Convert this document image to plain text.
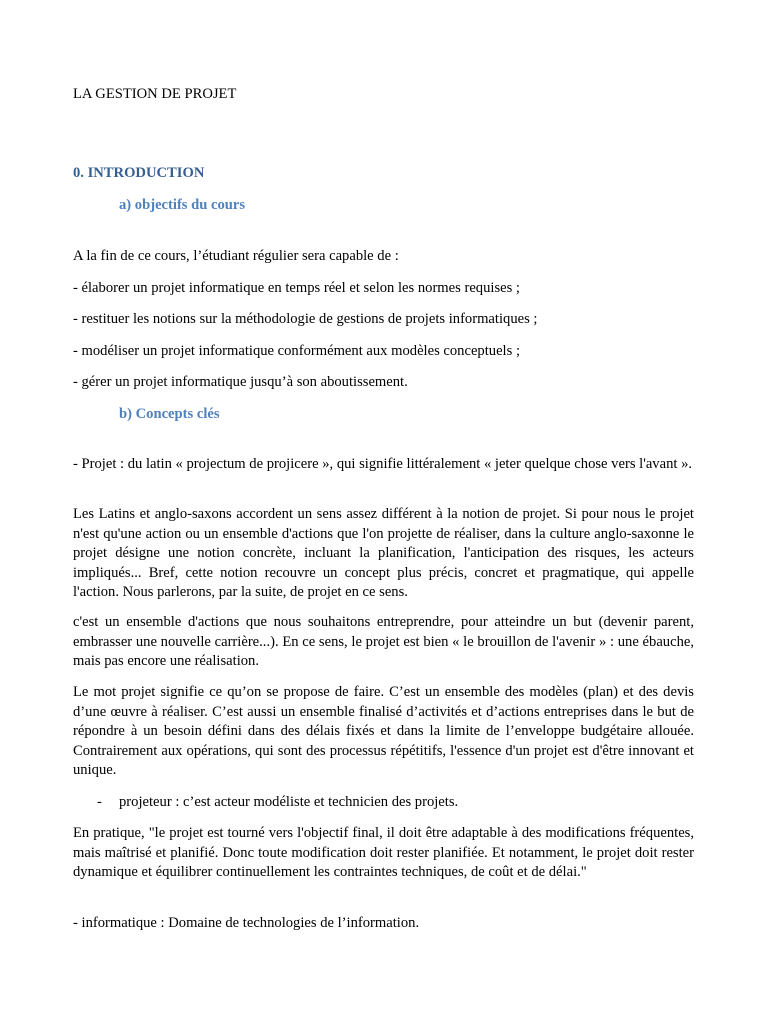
LA GESTION DE PROJET
0. INTRODUCTION
a) objectifs du cours
A la fin de ce cours, l’étudiant régulier sera capable de :
- élaborer un projet informatique en temps réel et selon les normes requises ;
- restituer les notions sur la méthodologie de gestions de projets informatiques ;
- modéliser un projet informatique conformément aux modèles conceptuels ;
- gérer un projet informatique jusqu’à son aboutissement.
b) Concepts clés
- Projet : du latin « projectum de projicere », qui signifie littéralement « jeter quelque chose vers l'avant ».
Les Latins et anglo-saxons accordent un sens assez différent à la notion de projet. Si pour nous le projet n'est qu'une action ou un ensemble d'actions que l'on projette de réaliser, dans la culture anglo-saxonne le projet désigne une notion concrète, incluant la planification, l'anticipation des risques, les acteurs impliqués... Bref, cette notion recouvre un concept plus précis, concret et pragmatique, qui appelle l'action. Nous parlerons, par la suite, de projet en ce sens.
c'est un ensemble d'actions que nous souhaitons entreprendre, pour atteindre un but (devenir parent, embrasser une nouvelle carrière...). En ce sens, le projet est bien « le brouillon de l'avenir » : une ébauche, mais pas encore une réalisation.
Le mot projet signifie ce qu’on se propose de faire. C’est un ensemble des modèles (plan) et des devis d’une œuvre à réaliser. C’est aussi un ensemble finalisé d’activités et d’actions entreprises dans le but de répondre à un besoin défini dans des délais fixés et dans la limite de l’enveloppe budgétaire allouée. Contrairement aux opérations, qui sont des processus répétitifs, l'essence d'un projet est d'être innovant et unique.
- projeteur : c’est acteur modéliste et technicien des projets.
En pratique, "le projet est tourné vers l'objectif final, il doit être adaptable à des modifications fréquentes, mais maîtrisé et planifié. Donc toute modification doit rester planifiée. Et notamment, le projet doit rester dynamique et équilibrer continuellement les contraintes techniques, de coût et de délai."
- informatique : Domaine de technologies de l’information.
